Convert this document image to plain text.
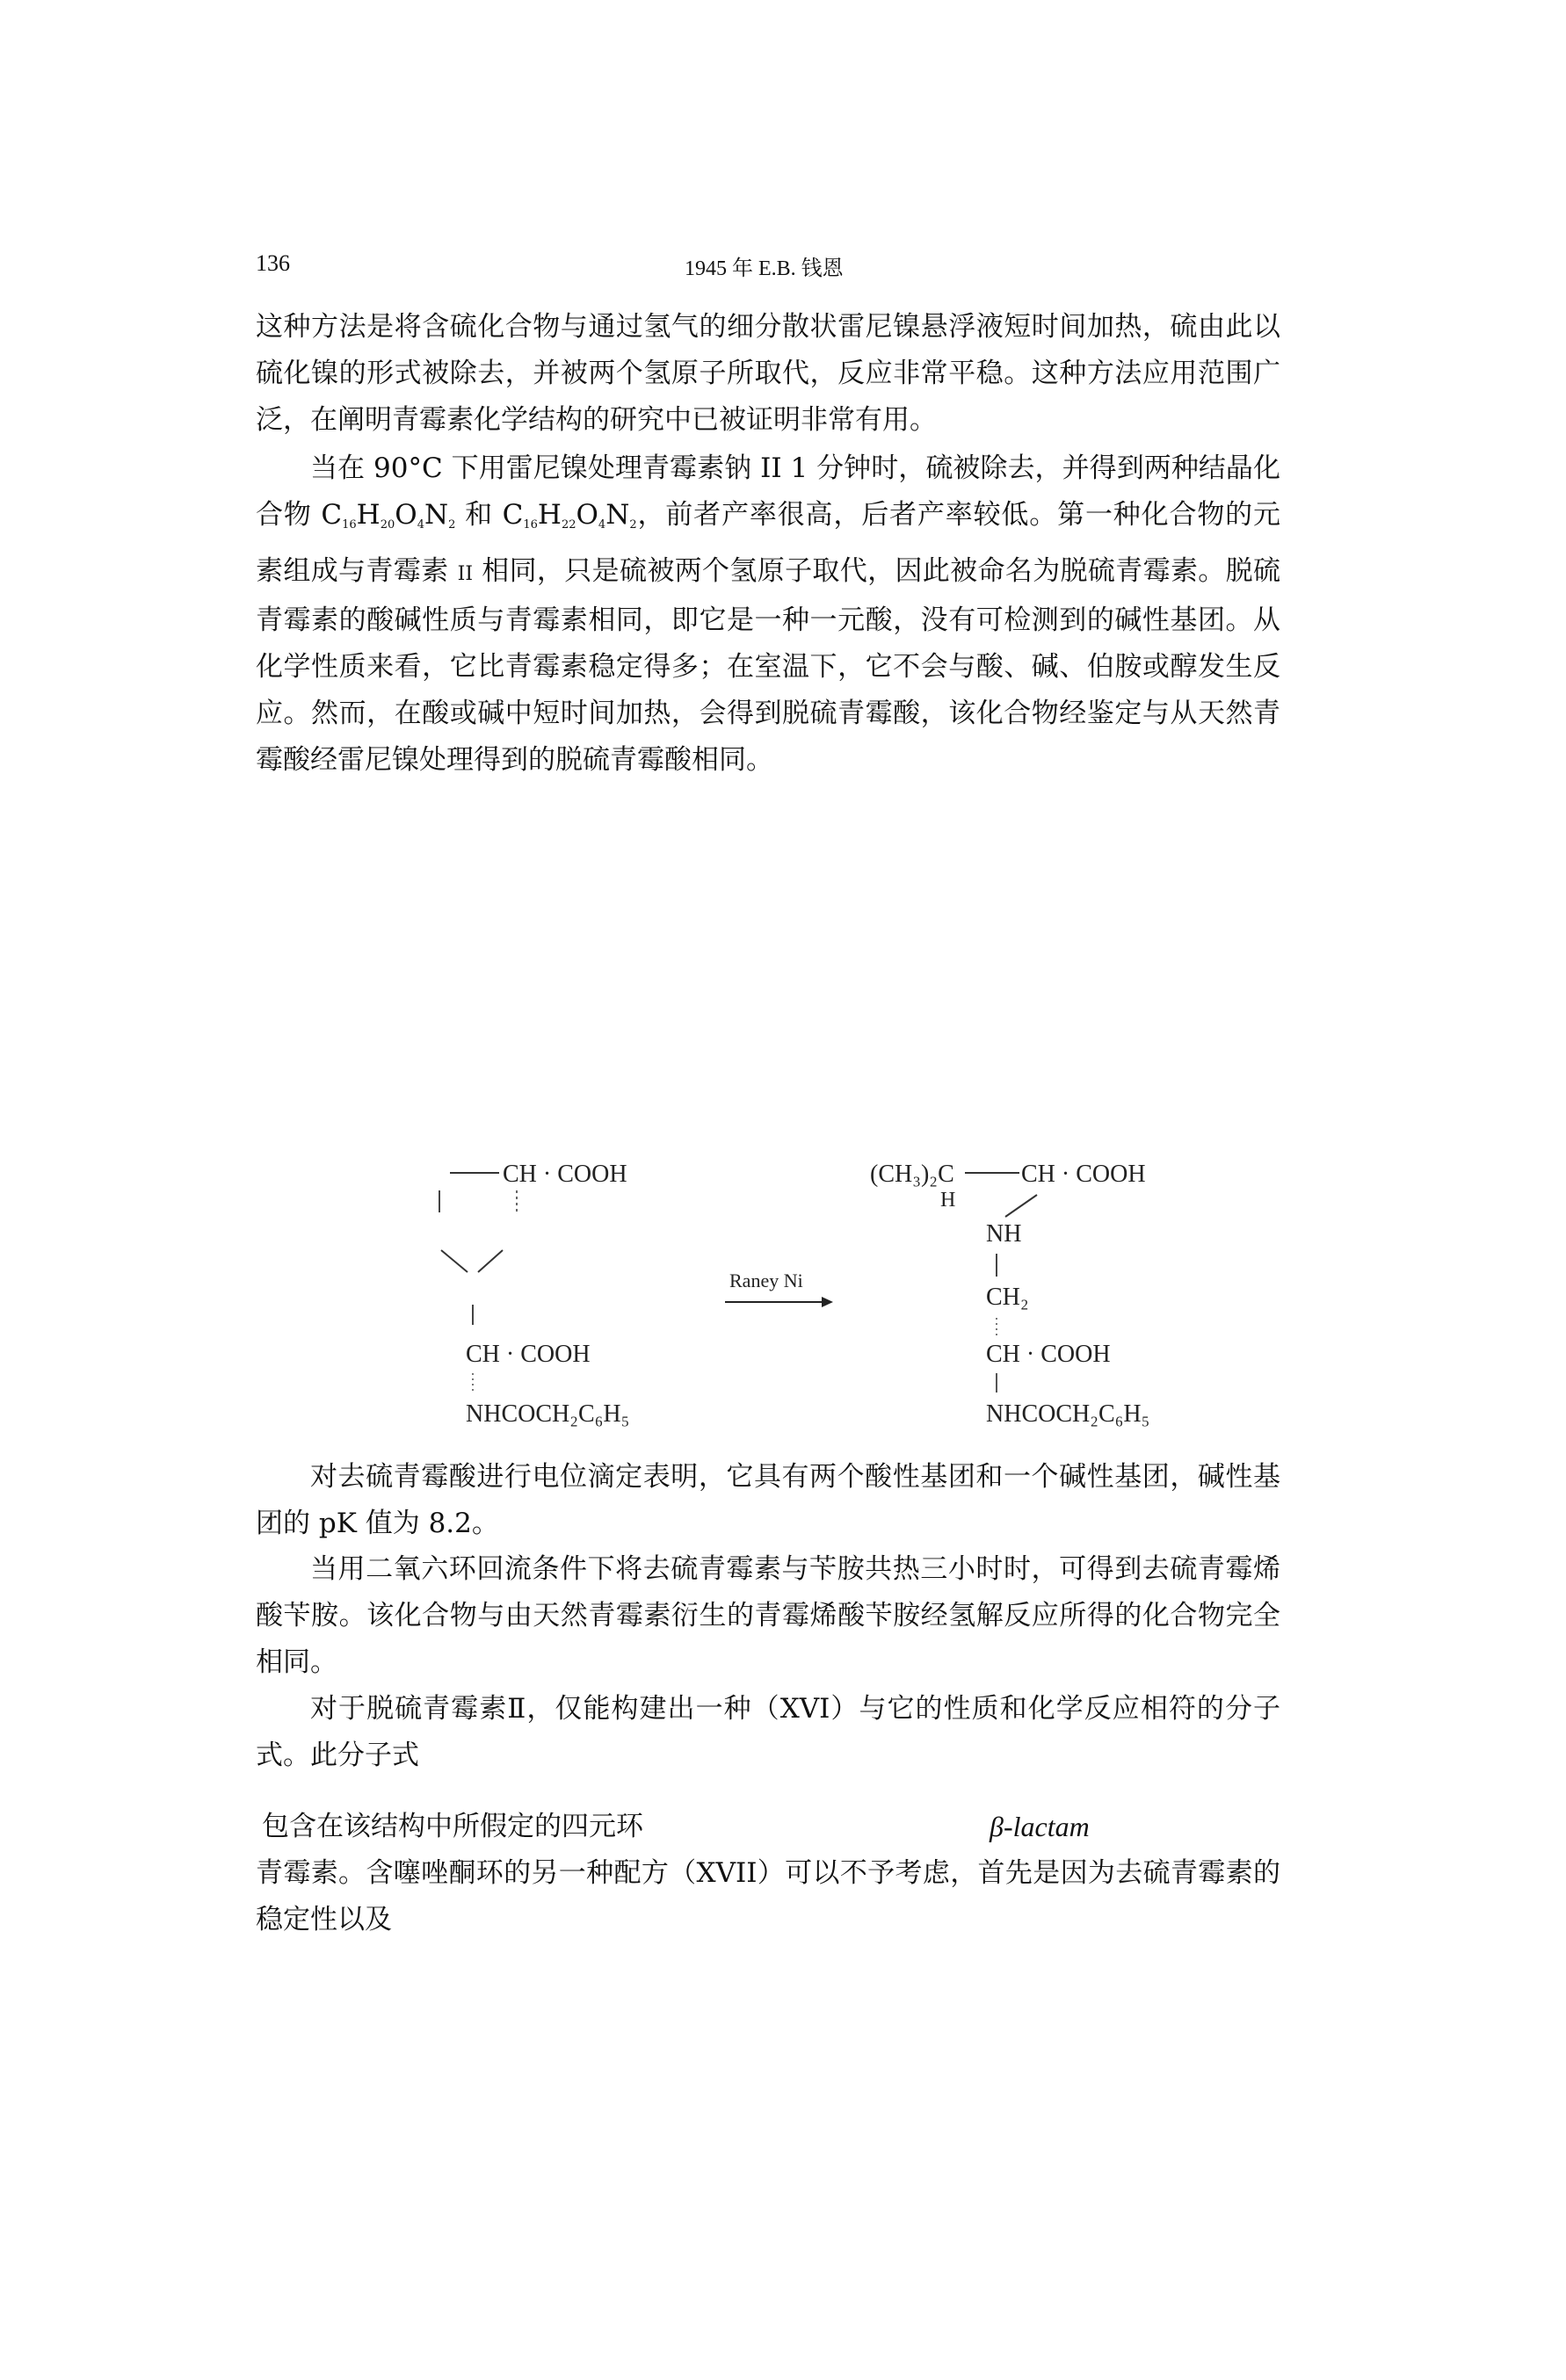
136	1945 年 E.B. 钱恩

这种方法是将含硫化合物与通过氢气的细分散状雷尼镍悬浮液短时间加热，硫由此以硫化镍的形式被除去，并被两个氢原子所取代，反应非常平稳。这种方法应用范围广泛，在阐明青霉素化学结构的研究中已被证明非常有用。

当在 90°C 下用雷尼镍处理青霉素钠 II 1 分钟时，硫被除去，并得到两种结晶化合物 $C_{16}H_{20}O_4N_2$ 和 $C_{16}H_{22}O_4N_2$，前者产率很高，后者产率较低。第一种化合物的元素组成与青霉素 II 相同，只是硫被两个氢原子取代，因此被命名为脱硫青霉素。脱硫青霉素的酸碱性质与青霉素相同，即它是一种一元酸，没有可检测到的碱性基团。从化学性质来看，它比青霉素稳定得多；在室温下，它不会与酸、碱、伯胺或醇发生反应。然而，在酸或碱中短时间加热，会得到脱硫青霉酸，该化合物经鉴定与从天然青霉酸经雷尼镍处理得到的脱硫青霉酸相同。

CH · COOH
CH · COOH
NHCOCH₂C₆H₅
Raney Ni
(CH₃)₂C
H
CH · COOH
NH
CH₂
CH · COOH
NHCOCH₂C₆H₅

对去硫青霉酸进行电位滴定表明，它具有两个酸性基团和一个碱性基团，碱性基团的 pK 值为 8.2。

当用二氧六环回流条件下将去硫青霉素与苄胺共热三小时时，可得到去硫青霉烯酸苄胺。该化合物与由天然青霉素衍生的青霉烯酸苄胺经氢解反应所得的化合物完全相同。

对于脱硫青霉素Ⅱ，仅能构建出一种（XVI）与它的性质和化学反应相符的分子式。此分子式

包含在该结构中所假定的四元环	β-lactam

青霉素。含噻唑酮环的另一种配方（XVII）可以不予考虑，首先是因为去硫青霉素的稳定性以及
